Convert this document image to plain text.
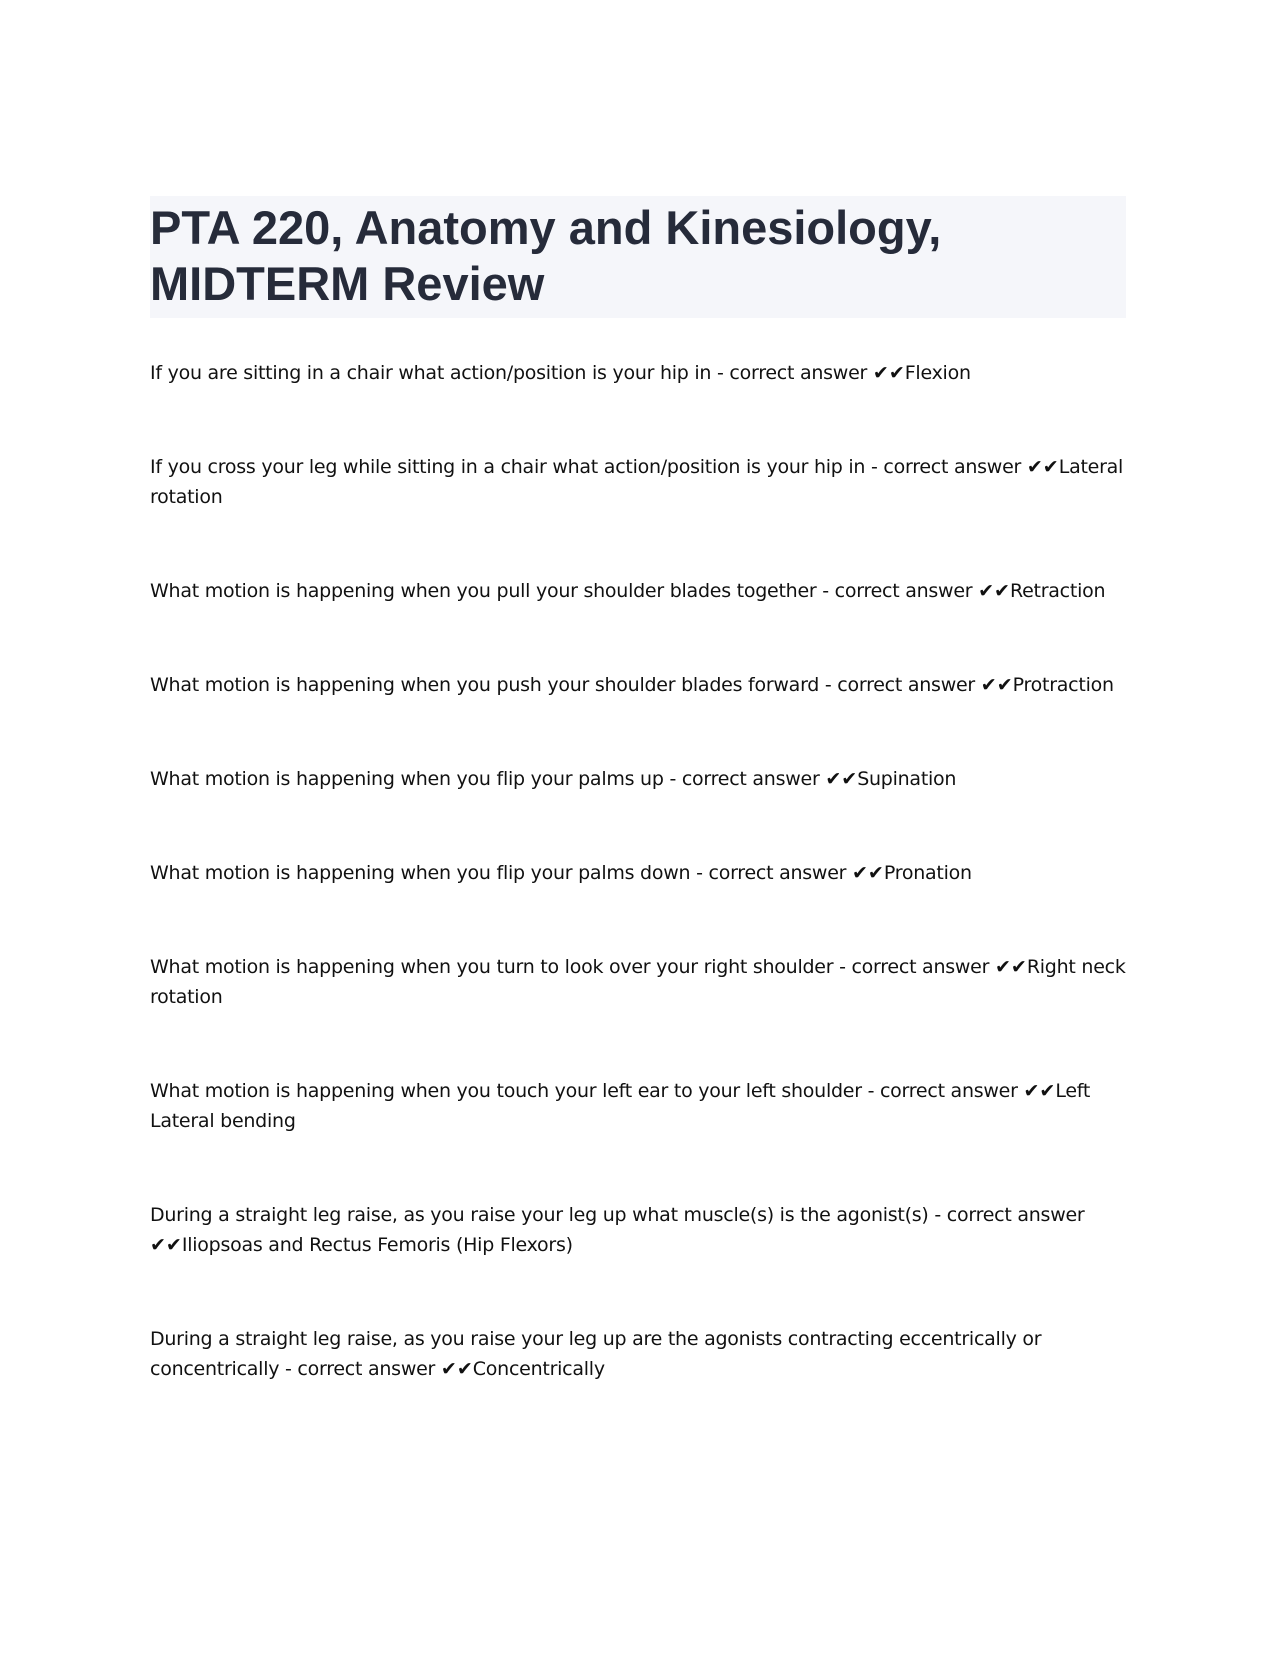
PTA 220, Anatomy and Kinesiology, MIDTERM Review

If you are sitting in a chair what action/position is your hip in - correct answer ✔✔Flexion

If you cross your leg while sitting in a chair what action/position is your hip in - correct answer ✔✔Lateral rotation

What motion is happening when you pull your shoulder blades together - correct answer ✔✔Retraction

What motion is happening when you push your shoulder blades forward - correct answer ✔✔Protraction

What motion is happening when you flip your palms up - correct answer ✔✔Supination

What motion is happening when you flip your palms down - correct answer ✔✔Pronation

What motion is happening when you turn to look over your right shoulder - correct answer ✔✔Right neck rotation

What motion is happening when you touch your left ear to your left shoulder - correct answer ✔✔Left Lateral bending

During a straight leg raise, as you raise your leg up what muscle(s) is the agonist(s) - correct answer ✔✔Iliopsoas and Rectus Femoris (Hip Flexors)

During a straight leg raise, as you raise your leg up are the agonists contracting eccentrically or concentrically - correct answer ✔✔Concentrically
